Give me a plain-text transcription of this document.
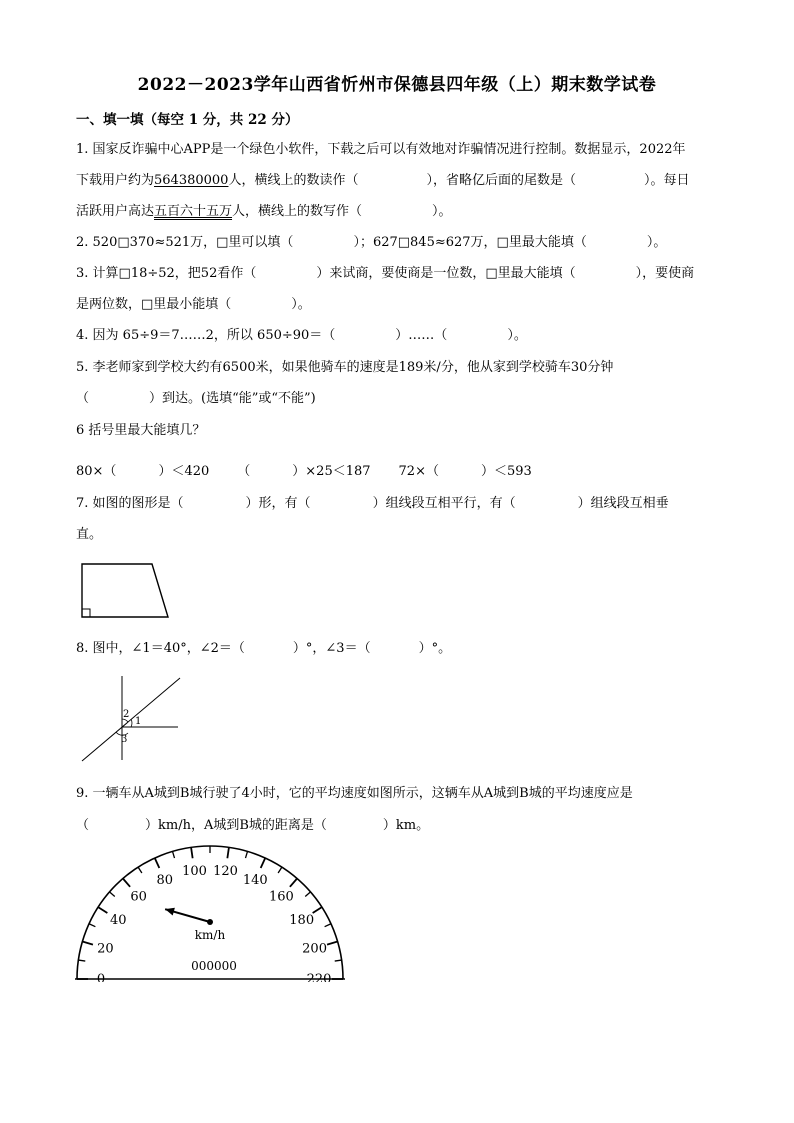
2022－2023学年山西省忻州市保德县四年级（上）期末数学试卷
一、填一填（每空 1 分，共 22 分）
1. 国家反诈骗中心APP是一个绿色小软件，下载之后可以有效地对诈骗情况进行控制。数据显示，2022年
下载用户约为564380000人，横线上的数读作（	），省略亿后面的尾数是（	）。每日
活跃用户高达五百六十五万人，横线上的数写作（	）。
2. 520□370≈521万，□里可以填（	）；627□845≈627万，□里最大能填（	）。
3. 计算□18÷52，把52看作（	）来试商，要使商是一位数，□里最大能填（	），要使商
是两位数，□里最小能填（	）。
4. 因为 65÷9＝7……2，所以 650÷90＝（	）……（	）。
5. 李老师家到学校大约有6500米，如果他骑车的速度是189米/分，他从家到学校骑车30分钟
（	）到达。(选填“能”或“不能”)
6 括号里最大能填几？
80×（	）＜420 （	）×25＜187 72×（	）＜593
7. 如图的图形是（	）形，有（	）组线段互相平行，有（	）组线段互相垂
直。
8. 图中，∠1＝40°，∠2＝（	）°，∠3＝（	）°。
2
1
3
9. 一辆车从A城到B城行驶了4小时，它的平均速度如图所示，这辆车从A城到B城的平均速度应是
（	）km/h，A城到B城的距离是（	）km。
0
20
40
60
80
100 120
140
160
180
200
220
km/h
000000
